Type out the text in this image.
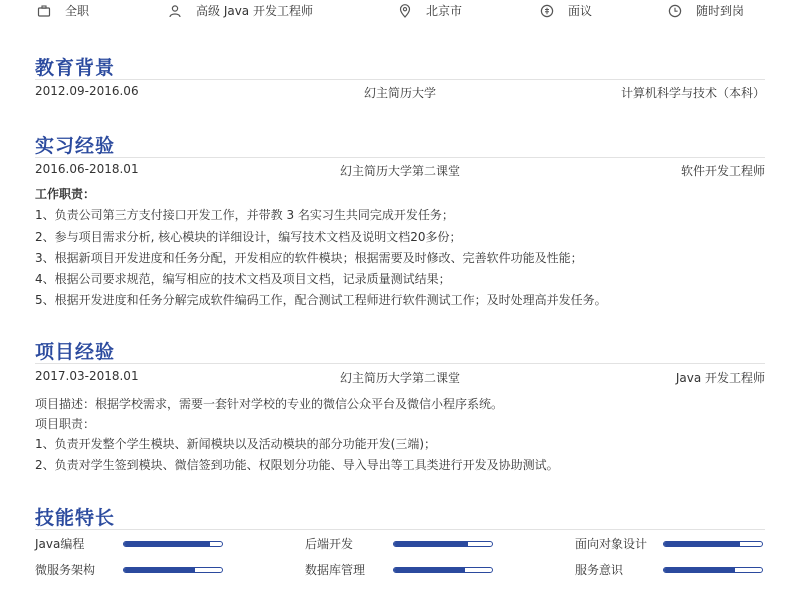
全职	高级 Java 开发工程师	北京市	面议	随时到岗
教育背景
2012.09-2016.06	幻主简历大学	计算机科学与技术（本科）
实习经验
2016.06-2018.01	幻主简历大学第二课堂	软件开发工程师
工作职责：
1、负责公司第三方支付接口开发工作，并带教 3 名实习生共同完成开发任务；
2、参与项目需求分析, 核心模块的详细设计，编写技术文档及说明文档20多份；
3、根据新项目开发进度和任务分配，开发相应的软件模块；根据需要及时修改、完善软件功能及性能；
4、根据公司要求规范，编写相应的技术文档及项目文档，记录质量测试结果；
5、根据开发进度和任务分解完成软件编码工作，配合测试工程师进行软件测试工作；及时处理高并发任务。
项目经验
2017.03-2018.01	幻主简历大学第二课堂	Java 开发工程师
项目描述：根据学校需求，需要一套针对学校的专业的微信公众平台及微信小程序系统。
项目职责：
1、负责开发整个学生模块、新闻模块以及活动模块的部分功能开发(三端)；
2、负责对学生签到模块、微信签到功能、权限划分功能、导入导出等工具类进行开发及协助测试。
技能特长
Java编程	后端开发	面向对象设计
微服务架构	数据库管理	服务意识
